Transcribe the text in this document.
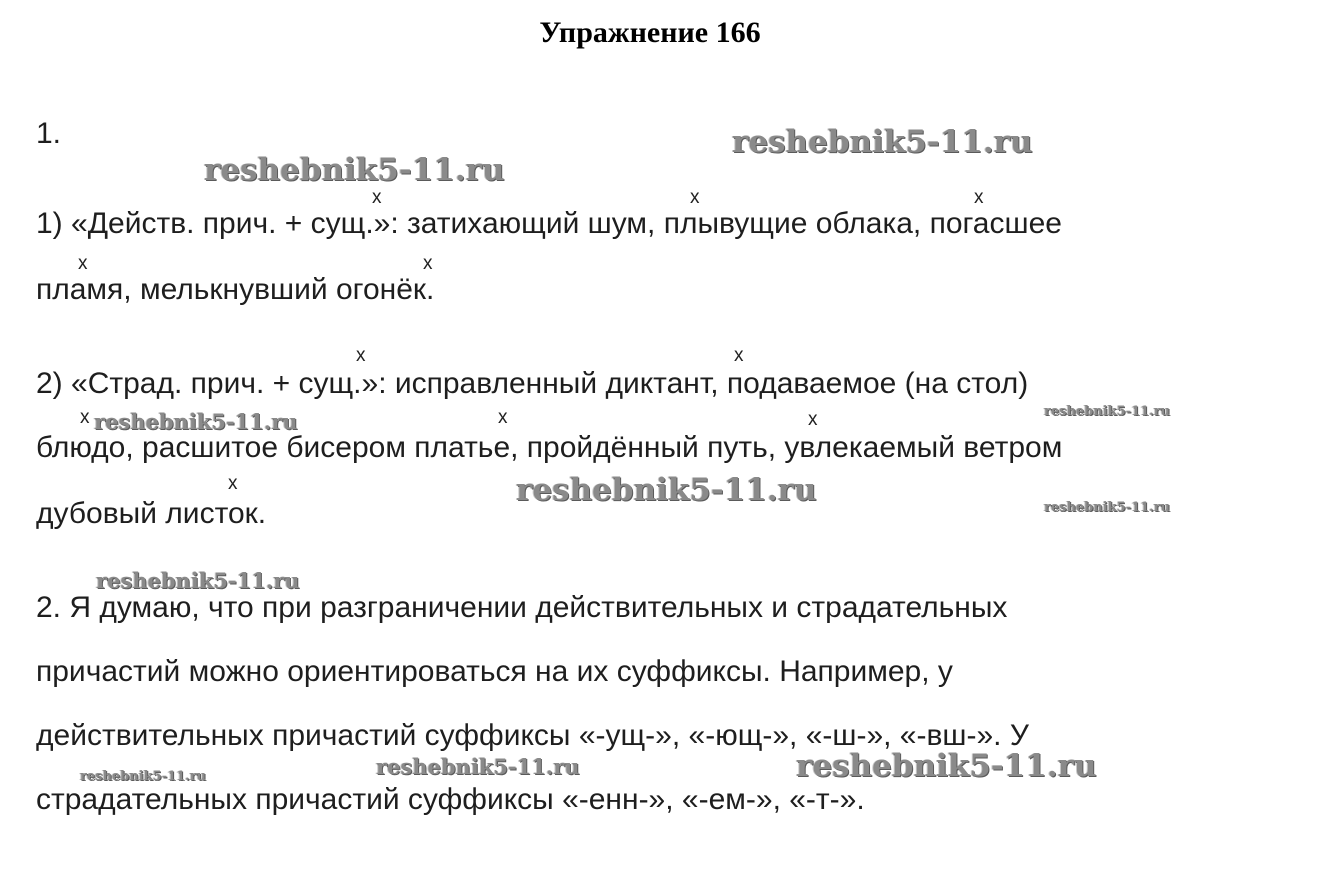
Упражнение 166
1.
1) «Действ. прич. + сущ.»: затихающий шум, плывущие облака, погасшее
пламя, мелькнувший огонёк.
2) «Страд. прич. + сущ.»: исправленный диктант, подаваемое (на стол)
блюдо, расшитое бисером платье, пройдённый путь, увлекаемый ветром
дубовый листок.
2. Я думаю, что при разграничении действительных и страдательных
причастий можно ориентироваться на их суффиксы. Например, у
действительных причастий суффиксы «-ущ-», «-ющ-», «-ш-», «-вш-». У
страдательных причастий суффиксы «-енн-», «-ем-», «-т-».
x	x	x
x	x
x	x
x	x	x
x
reshebnik5-11.ru
reshebnik5-11.ru
reshebnik5-11.ru	reshebnik5-11.ru
reshebnik5-11.ru	reshebnik5-11.ru
reshebnik5-11.ru
reshebnik5-11.ru
reshebnik5-11.ru	reshebnik5-11.ru
